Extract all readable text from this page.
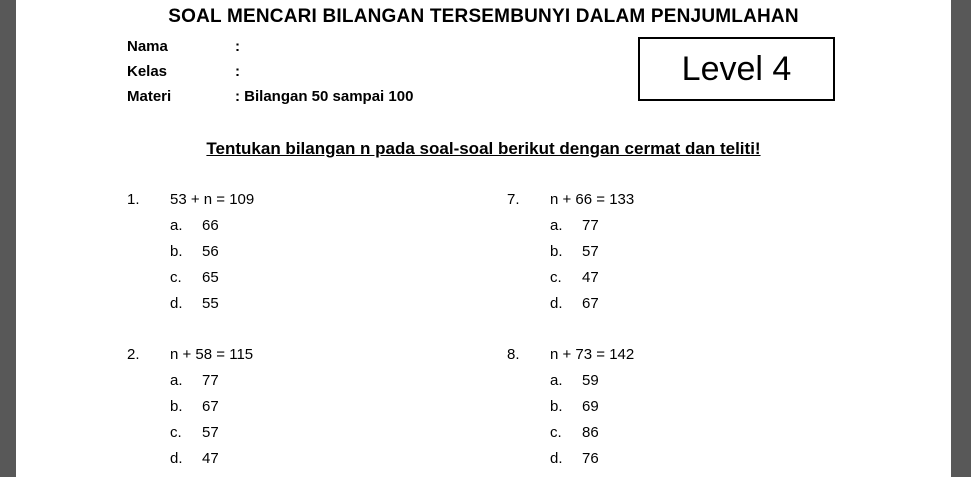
SOAL MENCARI BILANGAN TERSEMBUNYI DALAM PENJUMLAHAN
Nama	:
Kelas	:
Materi	: Bilangan 50 sampai 100
Level 4
Tentukan bilangan n pada soal-soal berikut dengan cermat dan teliti!
1. 53 + n = 109
a. 66
b. 56
c. 65
d. 55
7. n + 66 = 133
a. 77
b. 57
c. 47
d. 67
2. n + 58 = 115
a. 77
b. 67
c. 57
d. 47
8. n + 73 = 142
a. 59
b. 69
c. 86
d. 76
